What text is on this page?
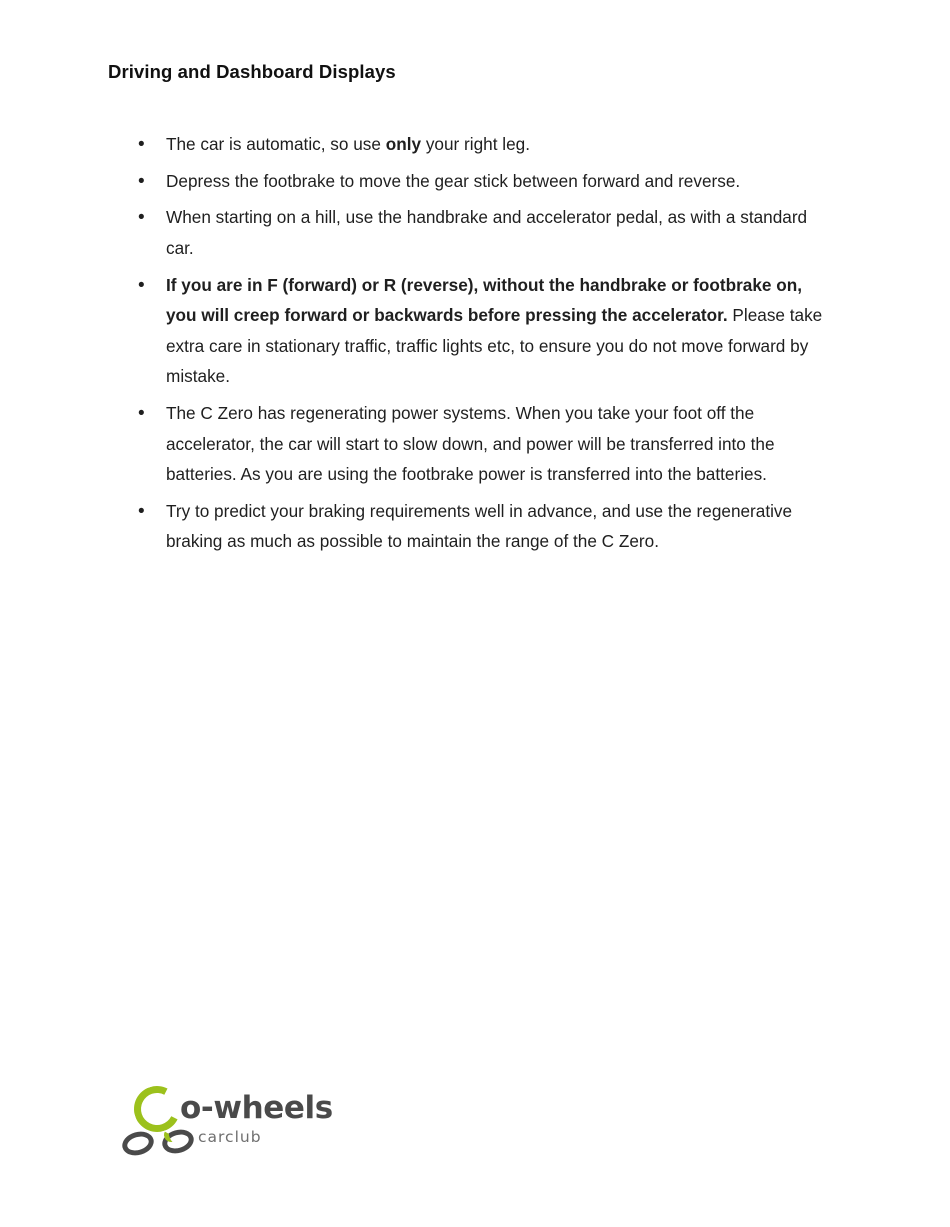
Driving and Dashboard Displays
• The car is automatic, so use only your right leg.
• Depress the footbrake to move the gear stick between forward and reverse.
• When starting on a hill, use the handbrake and accelerator pedal, as with a standard car.
• If you are in F (forward) or R (reverse), without the handbrake or footbrake on, you will creep forward or backwards before pressing the accelerator. Please take extra care in stationary traffic, traffic lights etc, to ensure you do not move forward by mistake.
• The C Zero has regenerating power systems. When you take your foot off the accelerator, the car will start to slow down, and power will be transferred into the batteries. As you are using the footbrake power is transferred into the batteries.
• Try to predict your braking requirements well in advance, and use the regenerative braking as much as possible to maintain the range of the C Zero.
o-wheels
carclub
